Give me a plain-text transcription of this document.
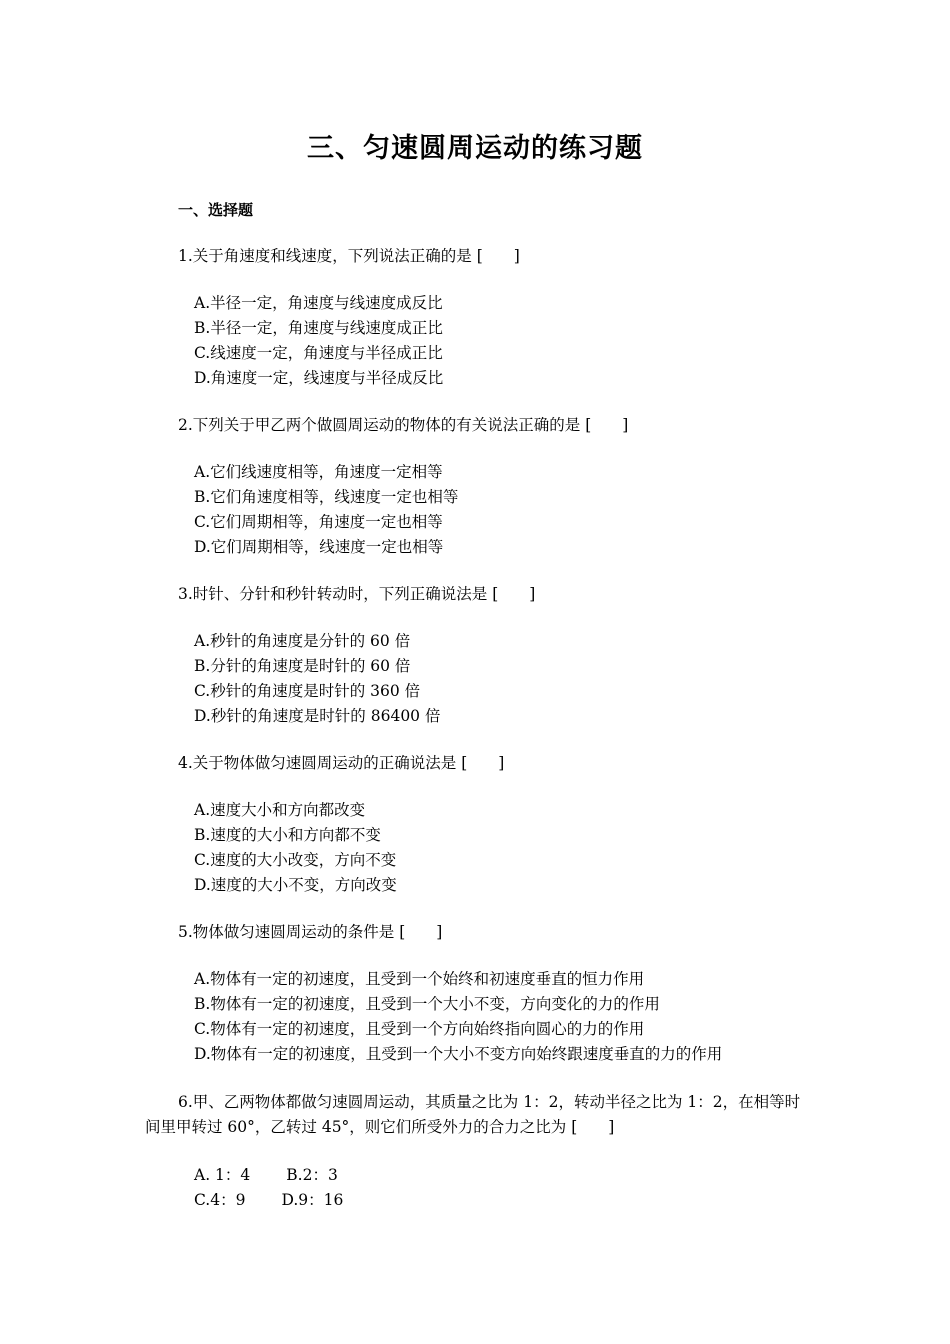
三、匀速圆周运动的练习题
一、选择题
1.关于角速度和线速度，下列说法正确的是 [　　]
A.半径一定，角速度与线速度成反比
B.半径一定，角速度与线速度成正比
C.线速度一定，角速度与半径成正比
D.角速度一定，线速度与半径成反比
2.下列关于甲乙两个做圆周运动的物体的有关说法正确的是 [　　]
A.它们线速度相等，角速度一定相等
B.它们角速度相等，线速度一定也相等
C.它们周期相等，角速度一定也相等
D.它们周期相等，线速度一定也相等
3.时针、分针和秒针转动时，下列正确说法是 [　　]
A.秒针的角速度是分针的 60 倍
B.分针的角速度是时针的 60 倍
C.秒针的角速度是时针的 360 倍
D.秒针的角速度是时针的 86400 倍
4.关于物体做匀速圆周运动的正确说法是 [　　]
A.速度大小和方向都改变
B.速度的大小和方向都不变
C.速度的大小改变，方向不变
D.速度的大小不变，方向改变
5.物体做匀速圆周运动的条件是 [　　]
A.物体有一定的初速度，且受到一个始终和初速度垂直的恒力作用
B.物体有一定的初速度，且受到一个大小不变，方向变化的力的作用
C.物体有一定的初速度，且受到一个方向始终指向圆心的力的作用
D.物体有一定的初速度，且受到一个大小不变方向始终跟速度垂直的力的作用
6.甲、乙两物体都做匀速圆周运动，其质量之比为 1：2，转动半径之比为 1：2，在相等时间里甲转过 60°，乙转过 45°，则它们所受外力的合力之比为 [　　]
A. 1：4 B.2：3
C.4：9 D.9：16
